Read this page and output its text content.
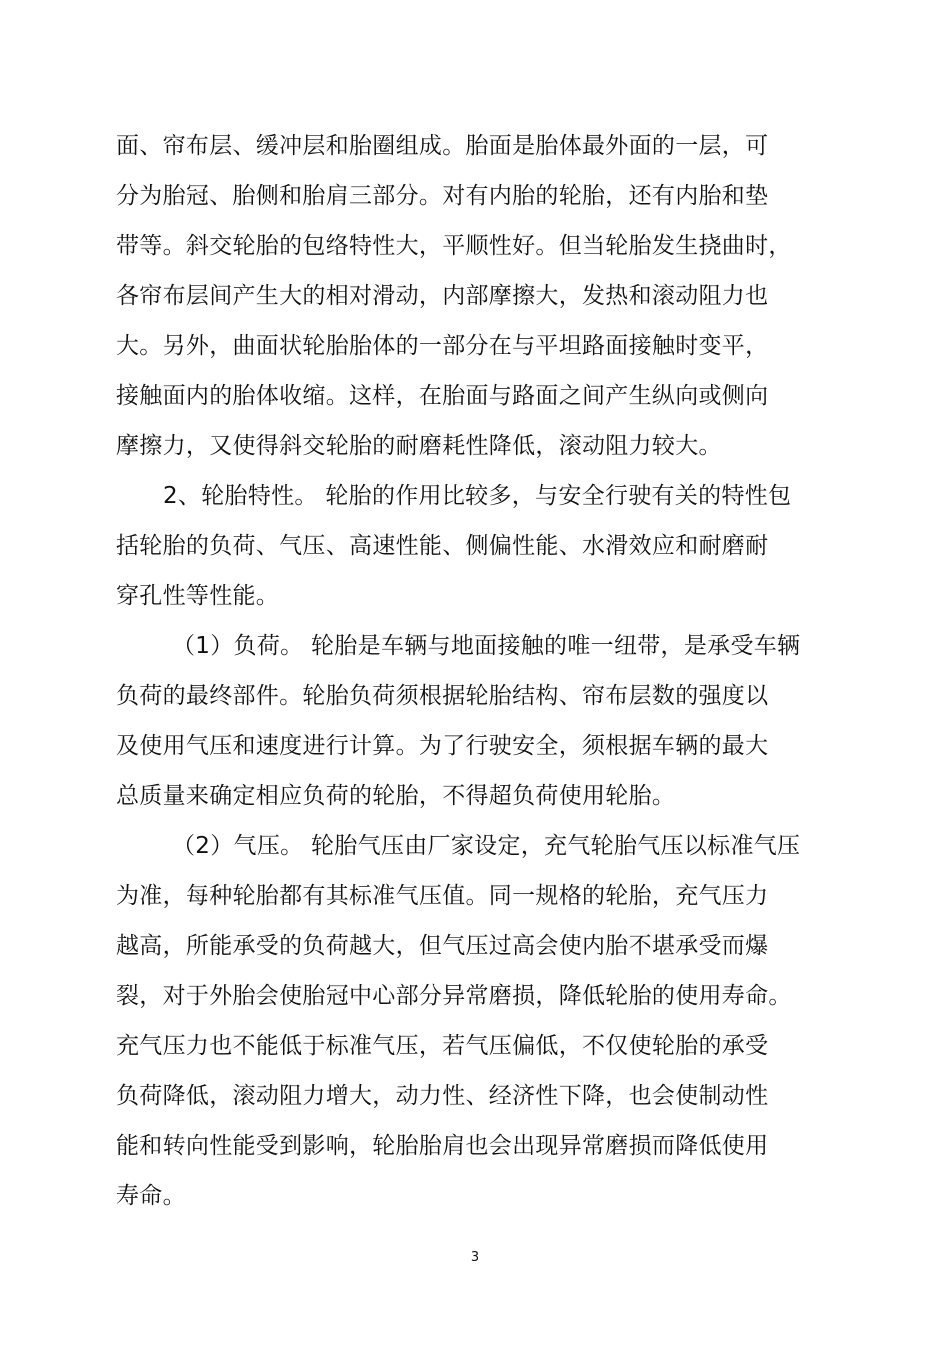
面、帘布层、缓冲层和胎圈组成。胎面是胎体最外面的一层，可
分为胎冠、胎侧和胎肩三部分。对有内胎的轮胎，还有内胎和垫
带等。斜交轮胎的包络特性大，平顺性好。但当轮胎发生挠曲时，
各帘布层间产生大的相对滑动，内部摩擦大，发热和滚动阻力也
大。另外，曲面状轮胎胎体的一部分在与平坦路面接触时变平，
接触面内的胎体收缩。这样，在胎面与路面之间产生纵向或侧向
摩擦力，又使得斜交轮胎的耐磨耗性降低，滚动阻力较大。
2、轮胎特性。 轮胎的作用比较多，与安全行驶有关的特性包
括轮胎的负荷、气压、高速性能、侧偏性能、水滑效应和耐磨耐
穿孔性等性能。
（1）负荷。 轮胎是车辆与地面接触的唯一纽带，是承受车辆
负荷的最终部件。轮胎负荷须根据轮胎结构、帘布层数的强度以
及使用气压和速度进行计算。为了行驶安全，须根据车辆的最大
总质量来确定相应负荷的轮胎，不得超负荷使用轮胎。
（2）气压。 轮胎气压由厂家设定，充气轮胎气压以标准气压
为准，每种轮胎都有其标准气压值。同一规格的轮胎，充气压力
越高，所能承受的负荷越大，但气压过高会使内胎不堪承受而爆
裂，对于外胎会使胎冠中心部分异常磨损，降低轮胎的使用寿命。
充气压力也不能低于标准气压，若气压偏低，不仅使轮胎的承受
负荷降低，滚动阻力增大，动力性、经济性下降，也会使制动性
能和转向性能受到影响，轮胎胎肩也会出现异常磨损而降低使用
寿命。
3
